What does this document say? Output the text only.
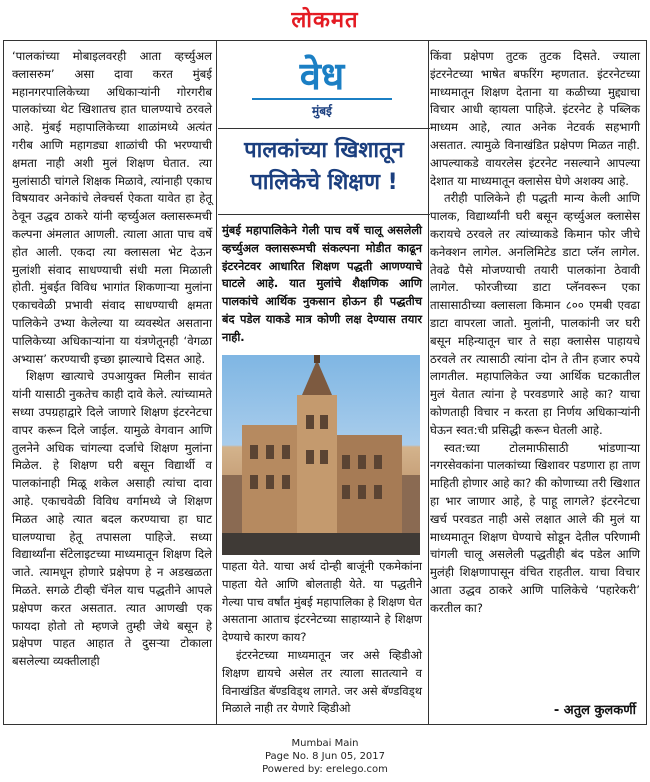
लोकमत

‘पालकांच्या मोबाइलवरही आता व्हर्च्युअल क्लासरुम’ असा दावा करत मुंबई महानगरपालिकेच्या अधिकाऱ्यांनी गोरगरीब पालकांच्या थेट खिशातच हात घालण्याचे ठरवले आहे. मुंबई महापालिकेच्या शाळांमध्ये अत्यंत गरीब आणि महागड्या शाळांची फी भरण्याची क्षमता नाही अशी मुलं शिक्षण घेतात. त्या मुलांसाठी चांगले शिक्षक मिळावे, त्यांनाही एकाच विषयावर अनेकांचे लेक्चर्स ऐकता यावेत हा हेतू ठेवून उद्धव ठाकरे यांनी व्हर्च्युअल क्लासरूमची कल्पना अंमलात आणली. त्याला आता पाच वर्षे होत आली. एकदा त्या क्लासला भेट देऊन मुलांशी संवाद साधण्याची संधी मला मिळाली होती. मुंबईत विविध भागांत शिकणाऱ्या मुलांना एकाचवेळी प्रभावी संवाद साधण्याची क्षमता पालिकेने उभ्या केलेल्या या व्यवस्थेत असताना पालिकेच्या अधिकाऱ्यांना या यंत्रणेतूनही ‘वेगळा अभ्यास’ करण्याची इच्छा झाल्याचे दिसत आहे.

शिक्षण खात्याचे उपआयुक्त मिलीन सावंत यांनी यासाठी नुकतेच काही दावे केले. त्यांच्यामते सध्या उपग्रहाद्वारे दिले जाणारे शिक्षण इंटरनेटचा वापर करून दिले जाईल. यामुळे वेगवान आणि तुलनेने अधिक चांगल्या दर्जाचे शिक्षण मुलांना मिळेल. हे शिक्षण घरी बसून विद्यार्थी व पालकांनाही मिळू शकेल असाही त्यांचा दावा आहे. एकाचवेळी विविध वर्गामध्ये जे शिक्षण मिळत आहे त्यात बदल करण्याचा हा घाट घालण्याचा हेतू तपासला पाहिजे. सध्या विद्यार्थ्यांना सॅटेलाइटच्या माध्यमातून शिक्षण दिले जाते. त्यामधून होणारे प्रक्षेपण हे न अडखळता मिळते. सगळे टीव्ही चॅनेल याच पद्धतीने आपले प्रक्षेपण करत असतात. त्यात आणखी एक फायदा होतो तो म्हणजे तुम्ही जेथे बसून हे प्रक्षेपण पाहत आहात ते दुसऱ्या टोकाला बसलेल्या व्यक्तीलाही

वेध
मुंबई
पालकांच्या खिशातून पालिकेचे शिक्षण !
मुंबई महापालिकेने गेली पाच वर्षे चालू असलेली व्हर्च्युअल क्लासरूमची संकल्पना मोडीत काढून इंटरनेटवर आधारित शिक्षण पद्धती आणण्याचे घाटले आहे. यात मुलांचे शैक्षणिक आणि पालकांचे आर्थिक नुकसान होऊन ही पद्धतीच बंद पडेल याकडे मात्र कोणी लक्ष देण्यास तयार नाही.

पाहता येते. याचा अर्थ दोन्ही बाजूंनी एकमेकांना पाहता येते आणि बोलताही येते. या पद्धतीने गेल्या पाच वर्षांत मुंबई महापालिका हे शिक्षण घेत असताना आताच इंटरनेटच्या साहाय्याने हे शिक्षण देण्याचे कारण काय?

इंटरनेटच्या माध्यमातून जर असे व्हिडीओ शिक्षण द्यायचे असेल तर त्याला सातत्याने व विनाखंडित बॅण्डविड्थ लागते. जर असे बॅण्डविड्थ मिळाले नाही तर येणारे व्हिडीओ

किंवा प्रक्षेपण तुटक तुटक दिसते. ज्याला इंटरनेटच्या भाषेत बफरिंग म्हणतात. इंटरनेटच्या माध्यमातून शिक्षण देताना या कळीच्या मुद्द्याचा विचार आधी व्हायला पाहिजे. इंटरनेट हे पब्लिक माध्यम आहे, त्यात अनेक नेटवर्क सहभागी असतात. त्यामुळे विनाखंडित प्रक्षेपण मिळत नाही. आपल्याकडे वायरलेस इंटरनेट नसल्याने आपल्या देशात या माध्यमातून क्लासेस घेणे अशक्य आहे.

तरीही पालिकेने ही पद्धती मान्य केली आणि पालक, विद्यार्थ्यांनी घरी बसून व्हर्च्युअल क्लासेस करायचे ठरवले तर त्यांच्याकडे किमान फोर जीचे कनेक्शन लागेल. अनलिमिटेड डाटा प्लॅन लागेल. तेवढे पैसे मोजण्याची तयारी पालकांना ठेवावी लागेल. फोरजीच्या डाटा प्लॅनवरून एका तासासाठीच्या क्लासला किमान ८०० एमबी एवढा डाटा वापरला जातो. मुलांनी, पालकांनी जर घरी बसून महिन्यातून चार ते सहा क्लासेस पाहायचे ठरवले तर त्यासाठी त्यांना दोन ते तीन हजार रुपये लागतील. महापालिकेत ज्या आर्थिक घटकातील मुलं येतात त्यांना हे परवडणारे आहे का? याचा कोणताही विचार न करता हा निर्णय अधिकाऱ्यांनी घेऊन स्वत:ची प्रसिद्धी करून घेतली आहे.

स्वत:च्या टोलमाफीसाठी भांडणाऱ्या नगरसेवकांना पालकांच्या खिशावर पडणारा हा ताण माहिती होणार आहे का? की कोणाच्या तरी खिशात हा भार जाणार आहे, हे पाहू लागले? इंटरनेटचा खर्च परवडत नाही असे लक्षात आले की मुलं या माध्यमातून शिक्षण घेण्याचे सोडून देतील परिणामी चांगली चालू असलेली पद्धतीही बंद पडेल आणि मुलंही शिक्षणापासून वंचित राहतील. याचा विचार आता उद्धव ठाकरे आणि पालिकेचे ‘पहारेकरी’ करतील का?

- अतुल कुलकर्णी
Mumbai Main
Page No. 8 Jun 05, 2017
Powered by: erelego.com
